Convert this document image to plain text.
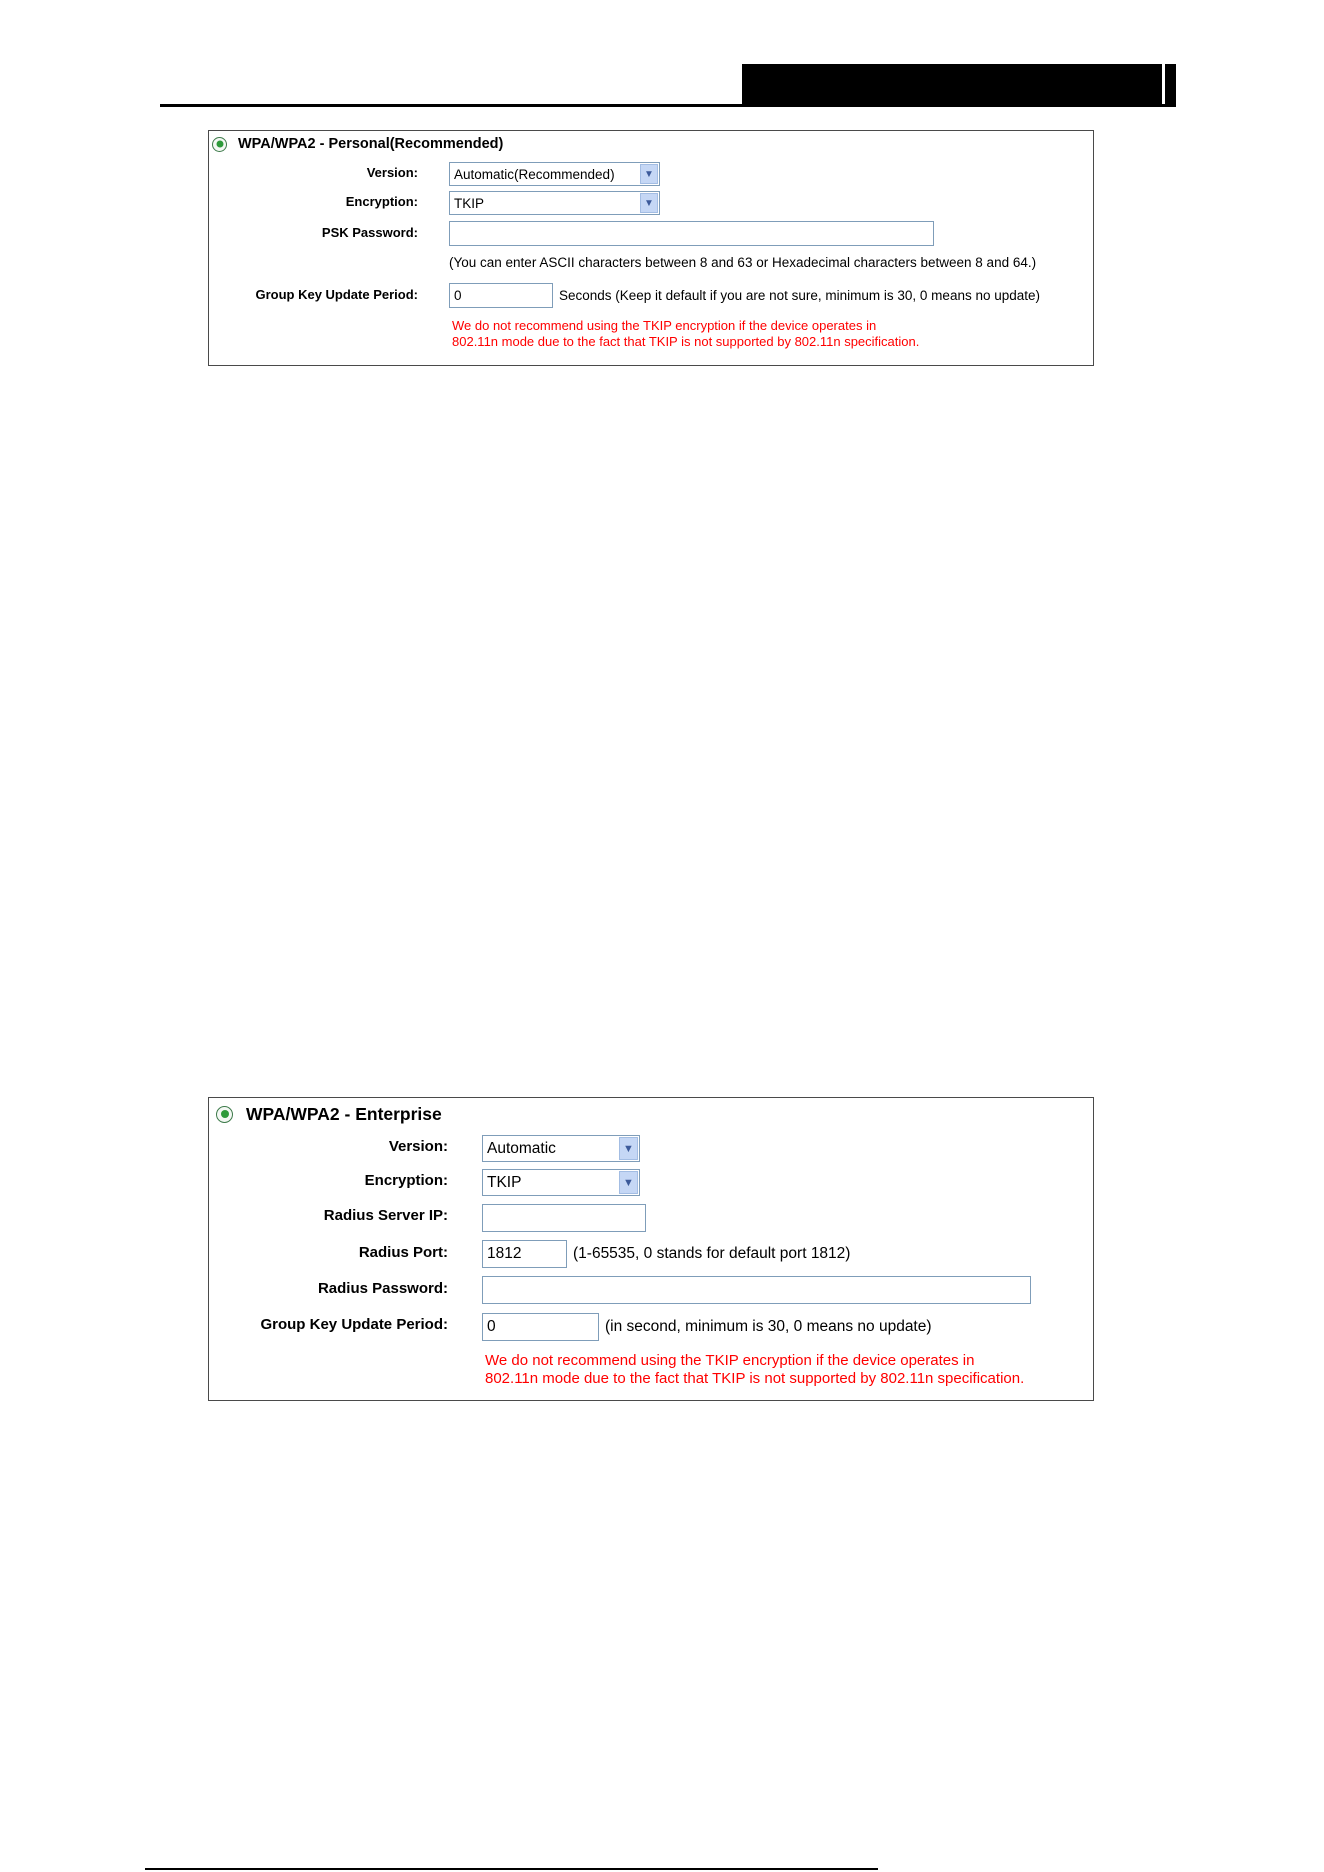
WPA/WPA2 - Personal(Recommended)
Version:	Automatic(Recommended)	▼
Encryption:	TKIP	▼
PSK Password:
(You can enter ASCII characters between 8 and 63 or Hexadecimal characters between 8 and 64.)
Group Key Update Period:	0	Seconds (Keep it default if you are not sure, minimum is 30, 0 means no update)
We do not recommend using the TKIP encryption if the device operates in
802.11n mode due to the fact that TKIP is not supported by 802.11n specification.
WPA/WPA2 - Enterprise
Version:	Automatic	▼
Encryption:	TKIP	▼
Radius Server IP:
Radius Port:	1812	(1-65535, 0 stands for default port 1812)
Radius Password:
Group Key Update Period:	0	(in second, minimum is 30, 0 means no update)
We do not recommend using the TKIP encryption if the device operates in
802.11n mode due to the fact that TKIP is not supported by 802.11n specification.
